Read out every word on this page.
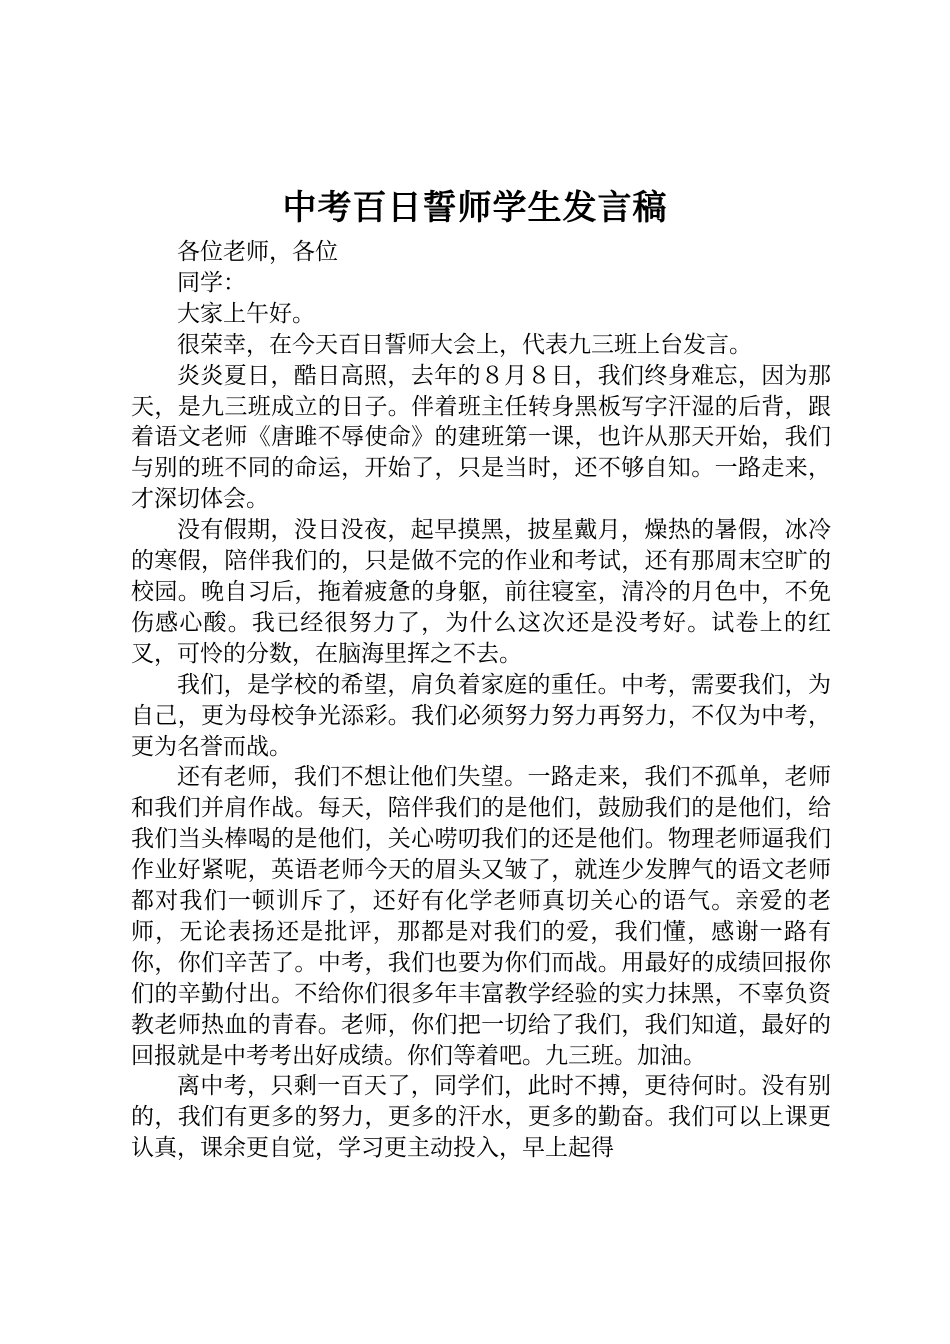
中考百日誓师学生发言稿

各位老师，各位

同学：

大家上午好。

很荣幸，在今天百日誓师大会上，代表九三班上台发言。

炎炎夏日，酷日高照，去年的８月８日，我们终身难忘，因为那天，是九三班成立的日子。伴着班主任转身黑板写字汗湿的后背，跟着语文老师《唐雎不辱使命》的建班第一课，也许从那天开始，我们与别的班不同的命运，开始了，只是当时，还不够自知。一路走来，才深切体会。

没有假期，没日没夜，起早摸黑，披星戴月，燥热的暑假，冰冷的寒假，陪伴我们的，只是做不完的作业和考试，还有那周末空旷的校园。晚自习后，拖着疲惫的身躯，前往寝室，清冷的月色中，不免伤感心酸。我已经很努力了，为什么这次还是没考好。试卷上的红叉，可怜的分数，在脑海里挥之不去。

我们，是学校的希望，肩负着家庭的重任。中考，需要我们，为自己，更为母校争光添彩。我们必须努力努力再努力，不仅为中考，更为名誉而战。

还有老师，我们不想让他们失望。一路走来，我们不孤单，老师和我们并肩作战。每天，陪伴我们的是他们，鼓励我们的是他们，给我们当头棒喝的是他们，关心唠叨我们的还是他们。物理老师逼我们作业好紧呢，英语老师今天的眉头又皱了，就连少发脾气的语文老师都对我们一顿训斥了，还好有化学老师真切关心的语气。亲爱的老师，无论表扬还是批评，那都是对我们的爱，我们懂，感谢一路有你，你们辛苦了。中考，我们也要为你们而战。用最好的成绩回报你们的辛勤付出。不给你们很多年丰富教学经验的实力抹黑，不辜负资教老师热血的青春。老师，你们把一切给了我们，我们知道，最好的回报就是中考考出好成绩。你们等着吧。九三班。加油。

离中考，只剩一百天了，同学们，此时不搏，更待何时。没有别的，我们有更多的努力，更多的汗水，更多的勤奋。我们可以上课更认真，课余更自觉，学习更主动投入，早上起得
